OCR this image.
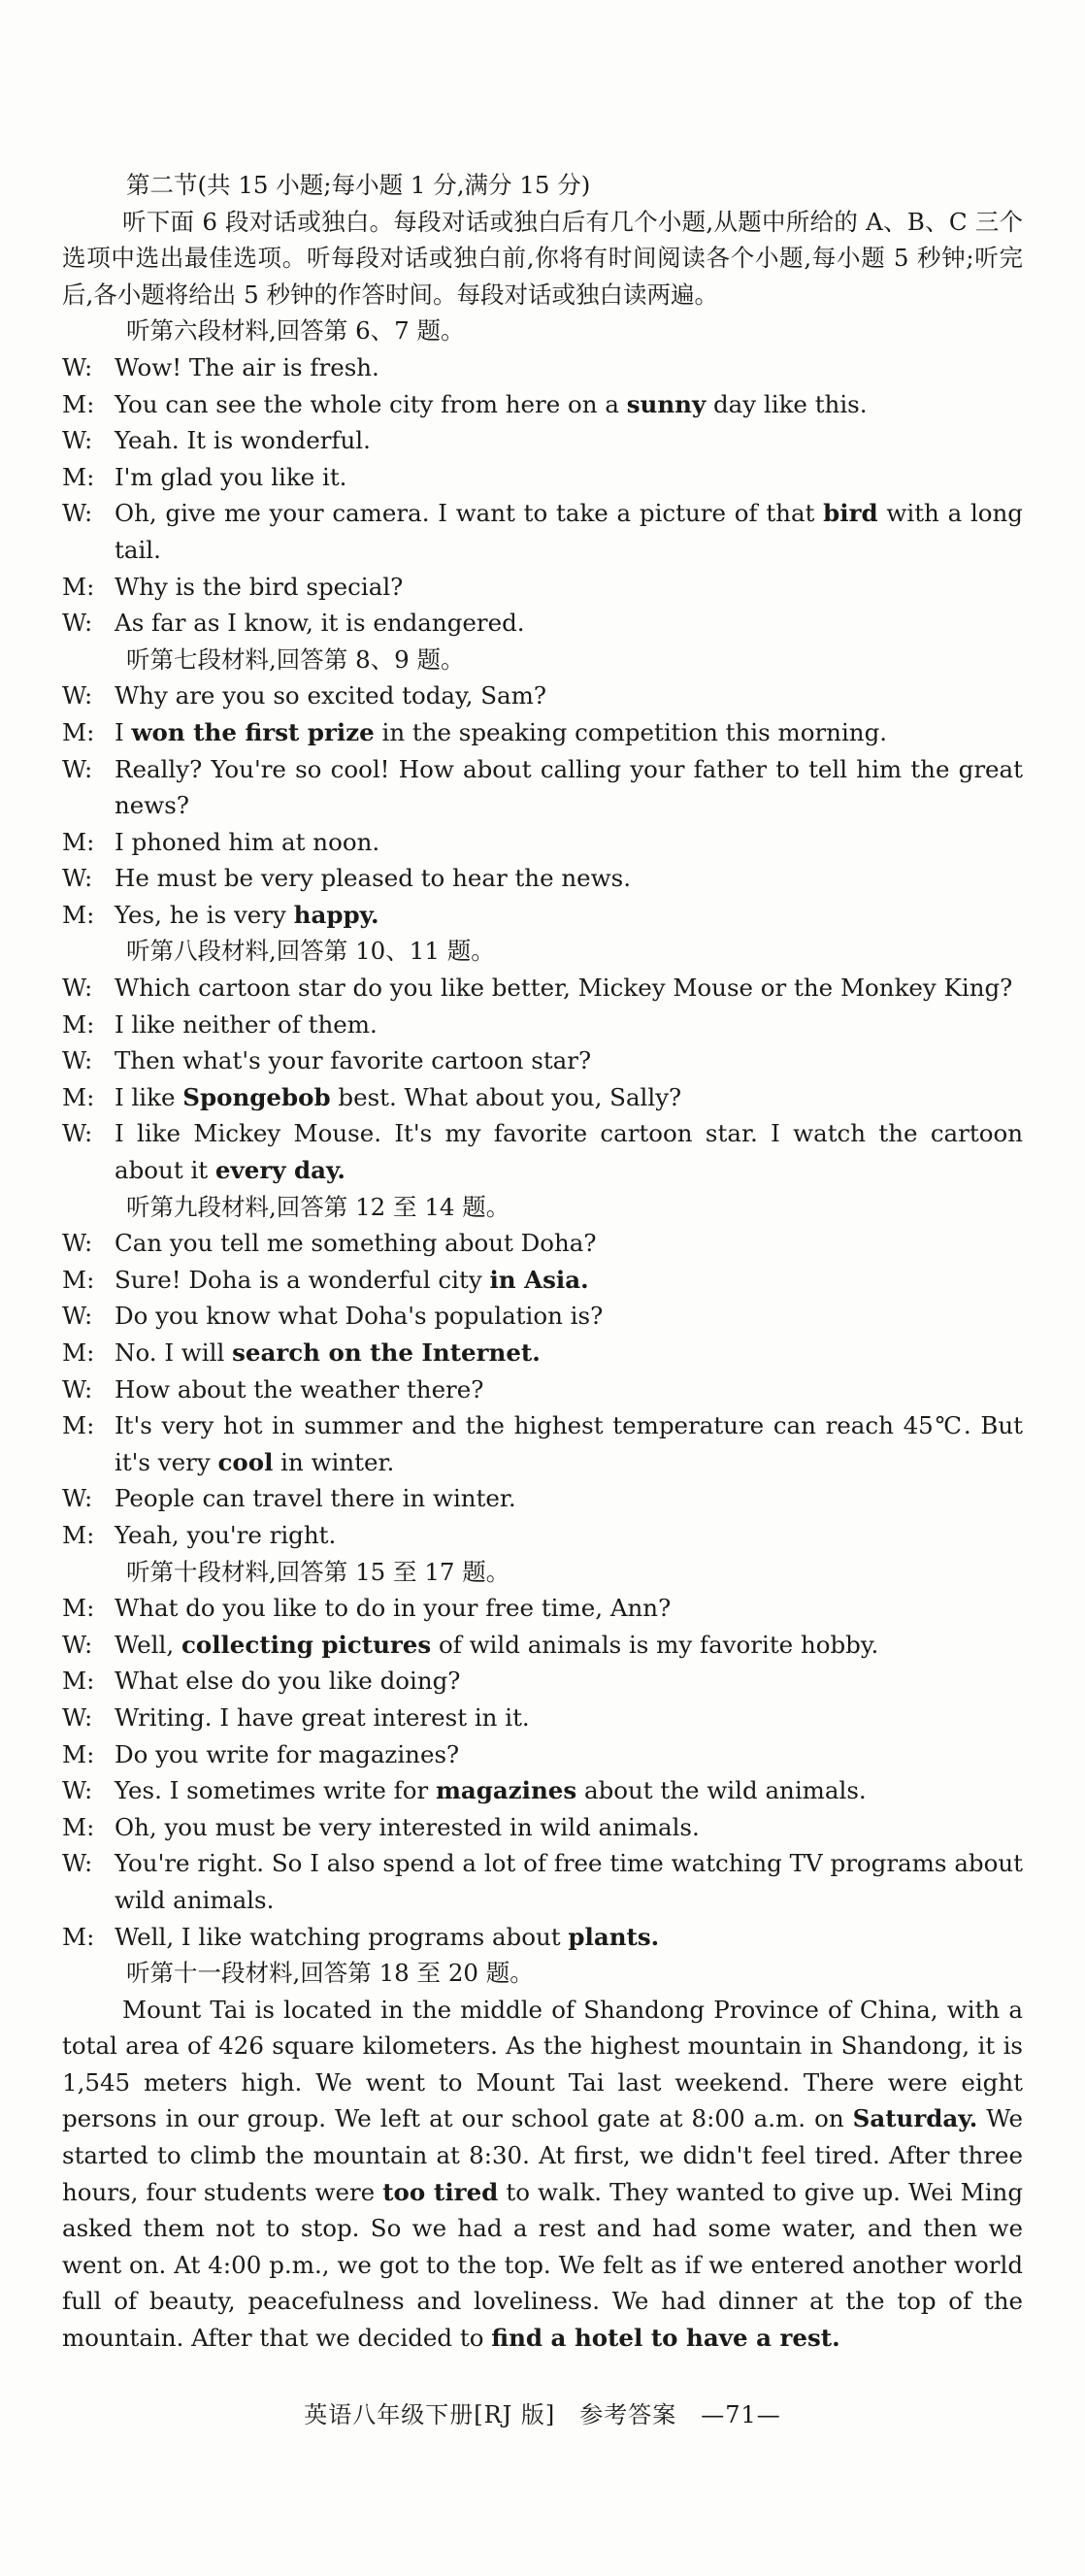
第二节(共 15 小题;每小题 1 分,满分 15 分)
听下面 6 段对话或独白。每段对话或独白后有几个小题,从题中所给的 A、B、C 三个选项中选出最佳选项。听每段对话或独白前,你将有时间阅读各个小题,每小题 5 秒钟;听完后,各小题将给出 5 秒钟的作答时间。每段对话或独白读两遍。
听第六段材料,回答第 6、7 题。
W: Wow! The air is fresh.
M: You can see the whole city from here on a sunny day like this.
W: Yeah. It is wonderful.
M: I'm glad you like it.
W: Oh, give me your camera. I want to take a picture of that bird with a long tail.
M: Why is the bird special?
W: As far as I know, it is endangered.
听第七段材料,回答第 8、9 题。
W: Why are you so excited today, Sam?
M: I won the first prize in the speaking competition this morning.
W: Really? You're so cool! How about calling your father to tell him the great news?
M: I phoned him at noon.
W: He must be very pleased to hear the news.
M: Yes, he is very happy.
听第八段材料,回答第 10、11 题。
W: Which cartoon star do you like better, Mickey Mouse or the Monkey King?
M: I like neither of them.
W: Then what's your favorite cartoon star?
M: I like Spongebob best. What about you, Sally?
W: I like Mickey Mouse. It's my favorite cartoon star. I watch the cartoon about it every day.
听第九段材料,回答第 12 至 14 题。
W: Can you tell me something about Doha?
M: Sure! Doha is a wonderful city in Asia.
W: Do you know what Doha's population is?
M: No. I will search on the Internet.
W: How about the weather there?
M: It's very hot in summer and the highest temperature can reach 45℃. But it's very cool in winter.
W: People can travel there in winter.
M: Yeah, you're right.
听第十段材料,回答第 15 至 17 题。
M: What do you like to do in your free time, Ann?
W: Well, collecting pictures of wild animals is my favorite hobby.
M: What else do you like doing?
W: Writing. I have great interest in it.
M: Do you write for magazines?
W: Yes. I sometimes write for magazines about the wild animals.
M: Oh, you must be very interested in wild animals.
W: You're right. So I also spend a lot of free time watching TV programs about wild animals.
M: Well, I like watching programs about plants.
听第十一段材料,回答第 18 至 20 题。
Mount Tai is located in the middle of Shandong Province of China, with a total area of 426 square kilometers. As the highest mountain in Shandong, it is 1,545 meters high. We went to Mount Tai last weekend. There were eight persons in our group. We left at our school gate at 8:00 a.m. on Saturday. We started to climb the mountain at 8:30. At first, we didn't feel tired. After three hours, four students were too tired to walk. They wanted to give up. Wei Ming asked them not to stop. So we had a rest and had some water, and then we went on. At 4:00 p.m., we got to the top. We felt as if we entered another world full of beauty, peacefulness and loveliness. We had dinner at the top of the mountain. After that we decided to find a hotel to have a rest.
英语八年级下册[RJ 版]　参考答案　—71—
